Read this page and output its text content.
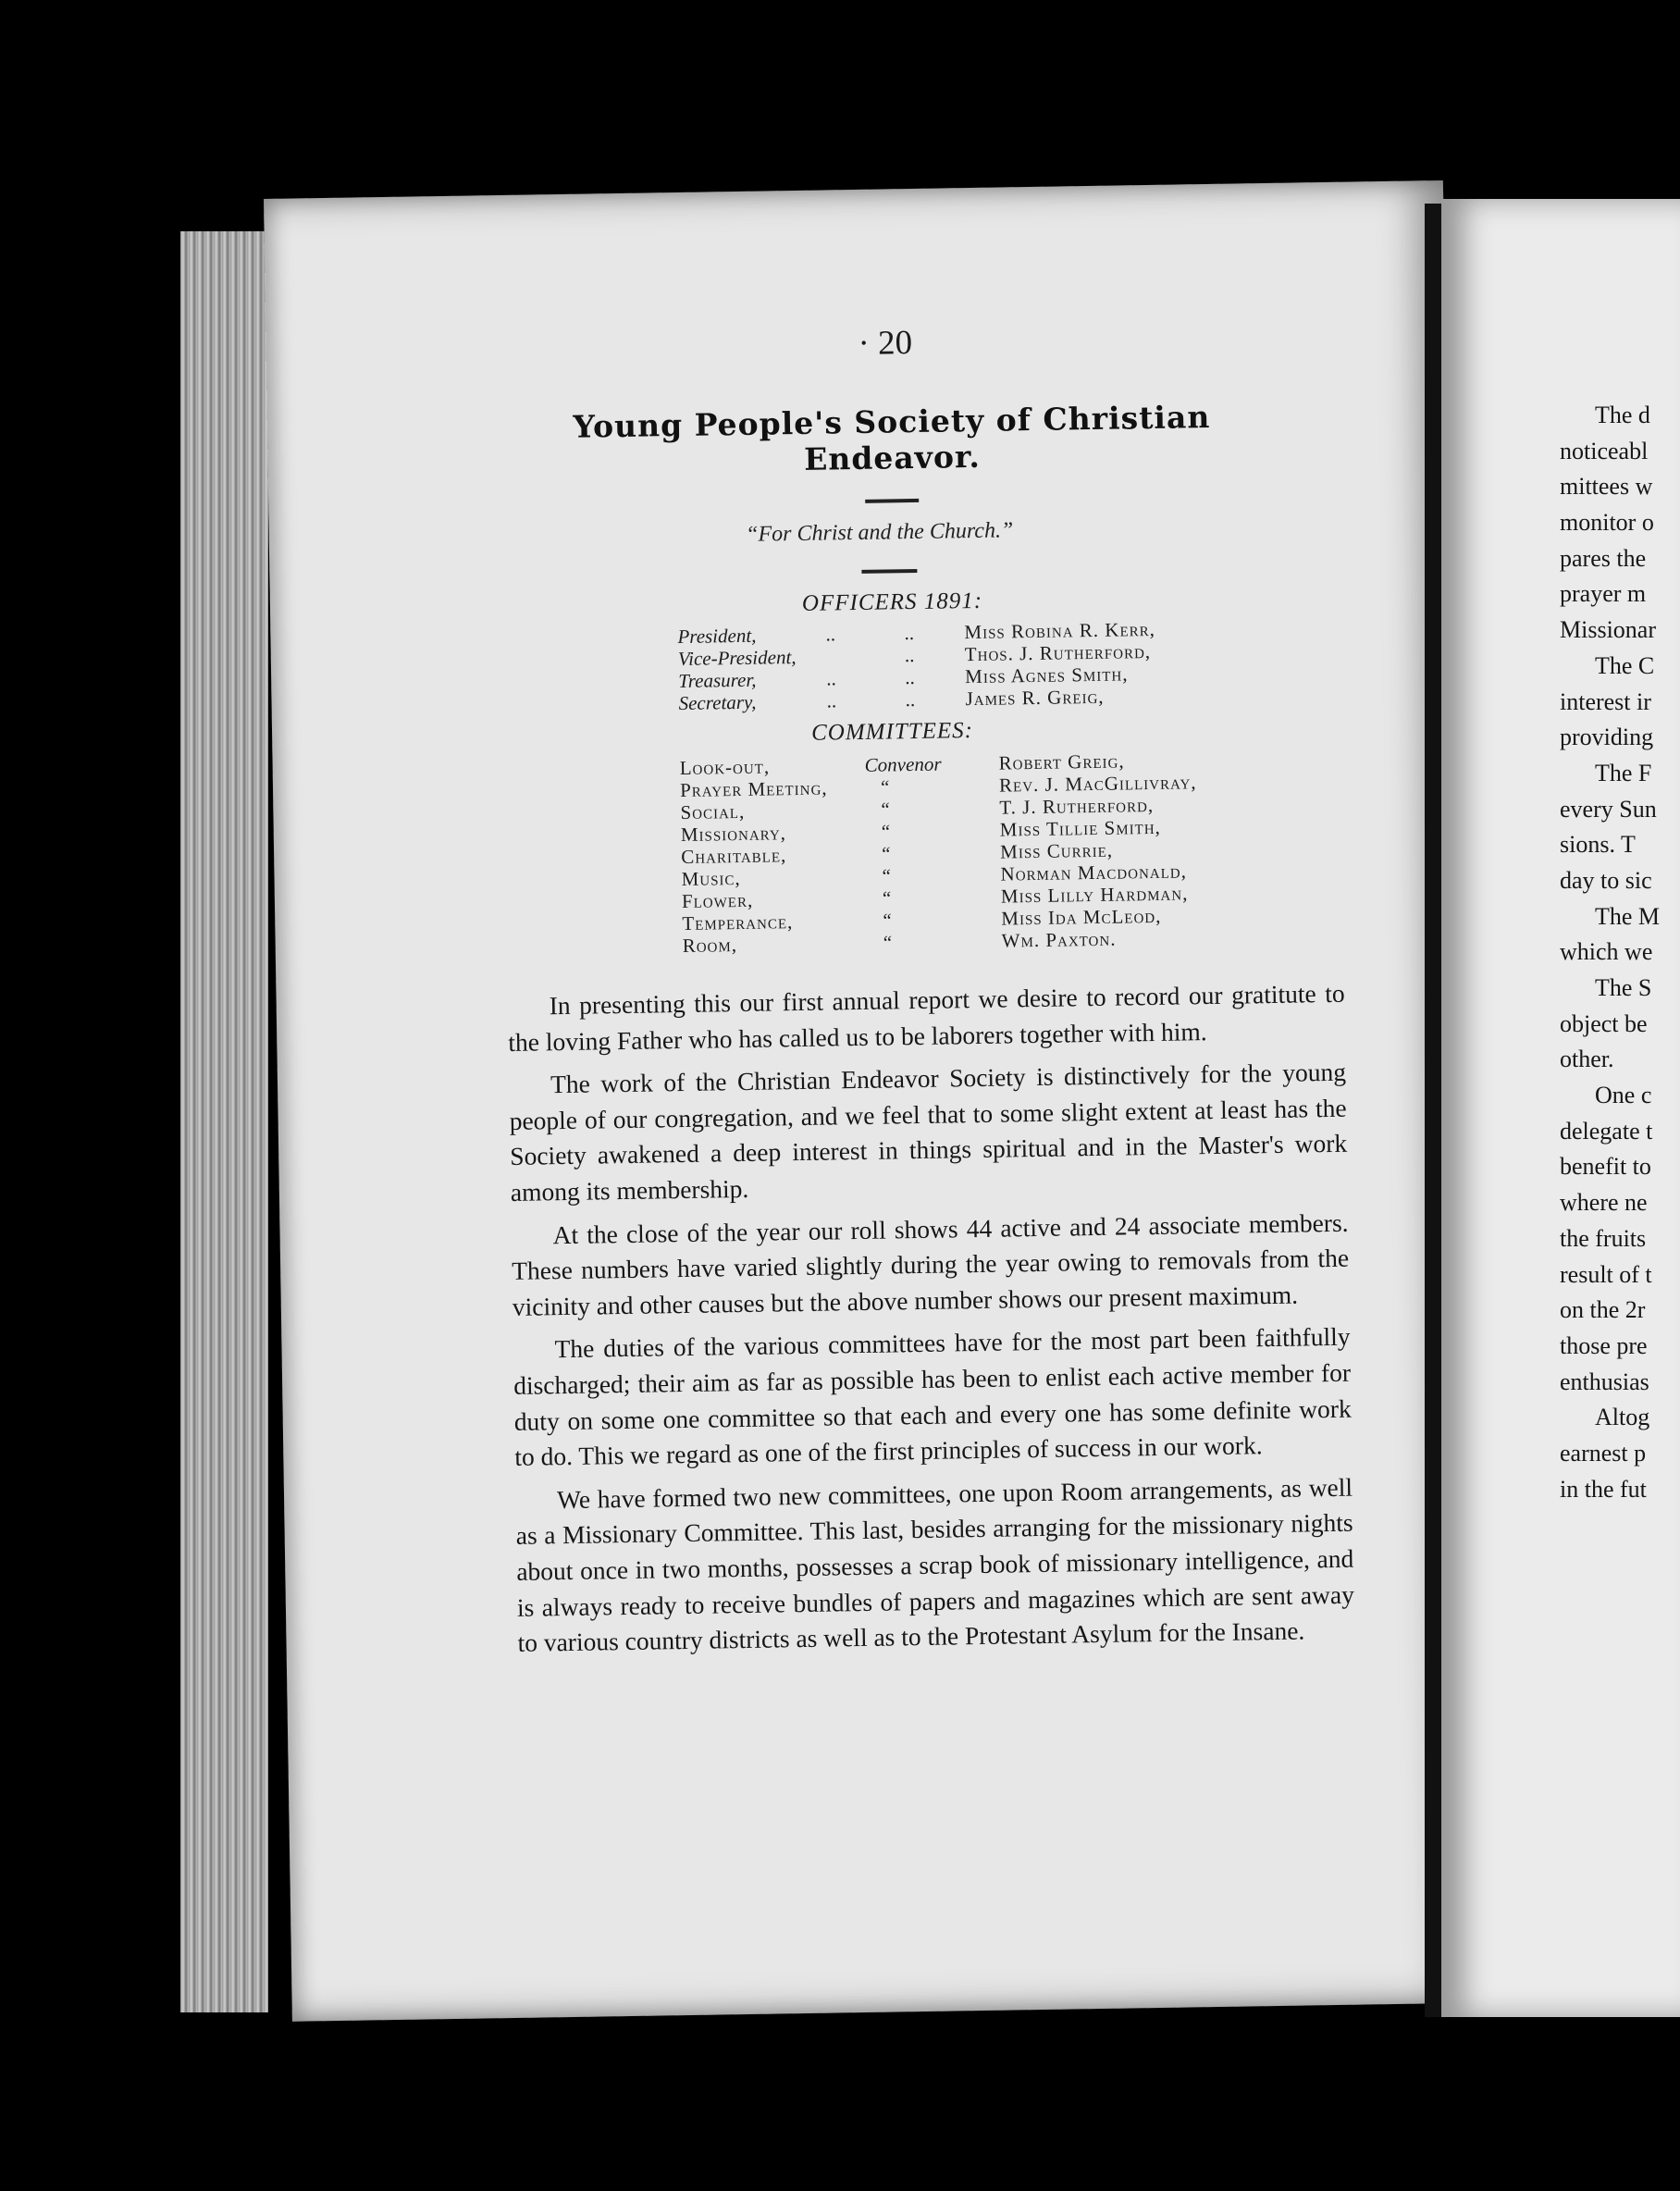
· 20
Young People's Society of Christian Endeavor.
“For Christ and the Church.”
OFFICERS 1891:
President,	..	..	Miss Robina R. Kerr,
Vice-President,	..	Thos. J. Rutherford,
Treasurer,	..	..	Miss Agnes Smith,
Secretary,	..	..	James R. Greig,
COMMITTEES:
Look-out,	Convenor	Robert Greig,
Prayer Meeting,	“	Rev. J. MacGillivray,
Social,	“	T. J. Rutherford,
Missionary,	“	Miss Tillie Smith,
Charitable,	“	Miss Currie,
Music,	“	Norman Macdonald,
Flower,	“	Miss Lilly Hardman,
Temperance,	“	Miss Ida McLeod,
Room,	“	Wm. Paxton.

In presenting this our first annual report we desire to record our gratitute to the loving Father who has called us to be laborers together with him.

The work of the Christian Endeavor Society is distinctively for the young people of our congregation, and we feel that to some slight extent at least has the Society awakened a deep interest in things spiritual and in the Master's work among its membership.

At the close of the year our roll shows 44 active and 24 associate members. These numbers have varied slightly during the year owing to removals from the vicinity and other causes but the above number shows our present maximum.

The duties of the various committees have for the most part been faithfully discharged; their aim as far as possible has been to enlist each active member for duty on some one committee so that each and every one has some definite work to do. This we regard as one of the first principles of success in our work.

We have formed two new committees, one upon Room arrangements, as well as a Missionary Committee. This last, besides arranging for the missionary nights about once in two months, possesses a scrap book of missionary intelligence, and is always ready to receive bundles of papers and magazines which are sent away to various country districts as well as to the Protestant Asylum for the Insane.

The d
noticeabl
mittees w
monitor o
pares the
prayer m
Missionar
The C
interest ir
providing
The F
every Sun
sions. T
day to sic
The M
which we
The S
object be
other.
One c
delegate t
benefit to
where ne
the fruits
result of t
on the 2r
those pre
enthusias
Altog
earnest p
in the fut
